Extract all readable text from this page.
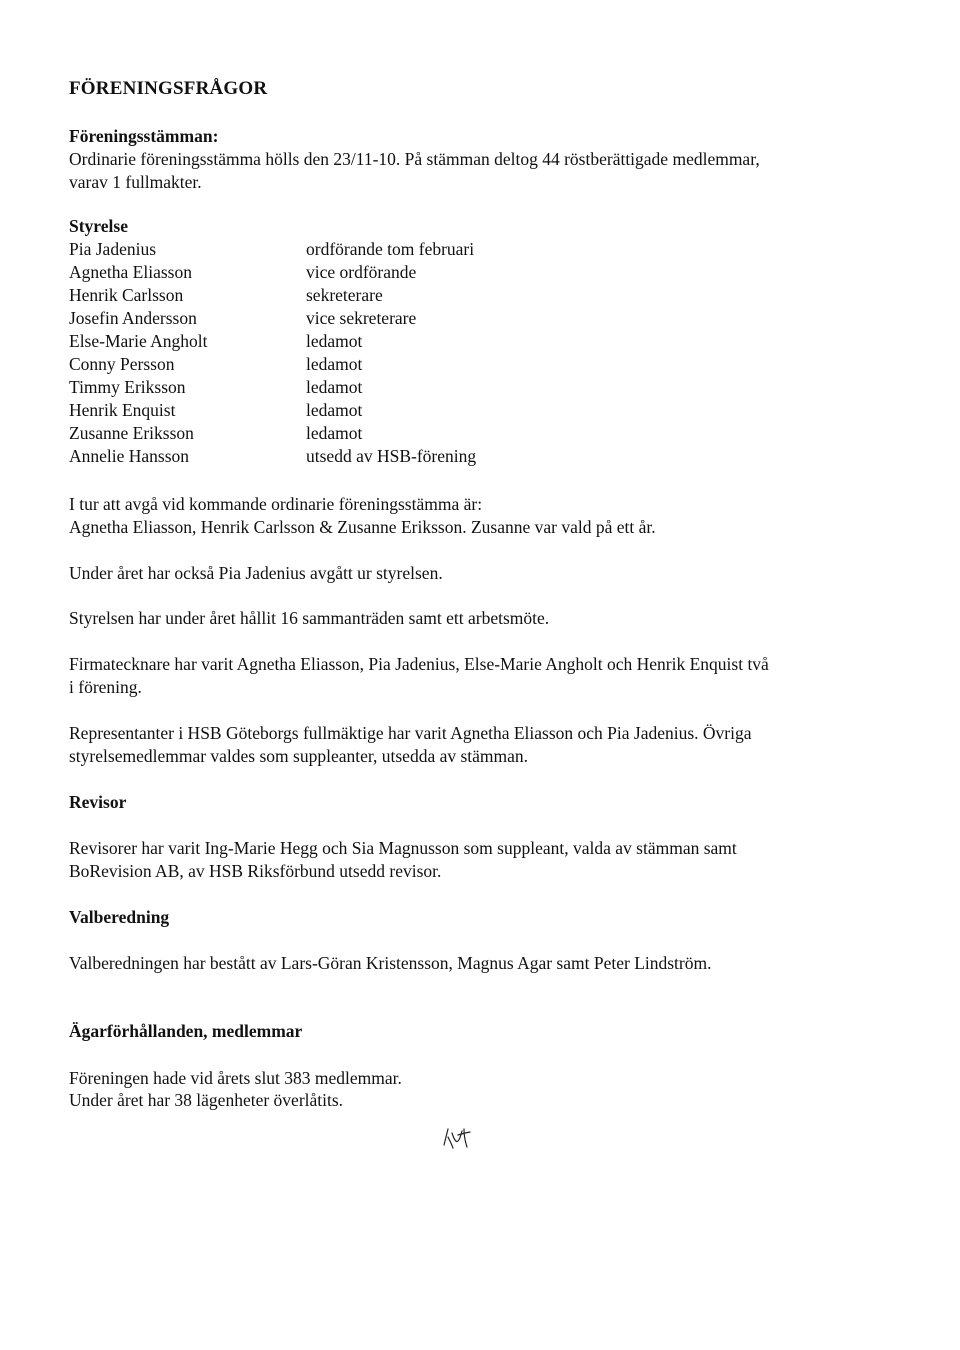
FÖRENINGSFRÅGOR
Föreningsstämman:
Ordinarie föreningsstämma hölls den 23/11-10. På stämman deltog 44 röstberättigade medlemmar,
varav 1 fullmakter.
Styrelse
Pia Jadenius	ordförande tom februari
Agnetha Eliasson	vice ordförande
Henrik Carlsson	sekreterare
Josefin Andersson	vice sekreterare
Else-Marie Angholt	ledamot
Conny Persson	ledamot
Timmy Eriksson	ledamot
Henrik Enquist	ledamot
Zusanne Eriksson	ledamot
Annelie Hansson	utsedd av HSB-förening
I tur att avgå vid kommande ordinarie föreningsstämma är:
Agnetha Eliasson, Henrik Carlsson & Zusanne Eriksson. Zusanne var vald på ett år.
Under året har också Pia Jadenius avgått ur styrelsen.
Styrelsen har under året hållit 16 sammanträden samt ett arbetsmöte.
Firmatecknare har varit Agnetha Eliasson, Pia Jadenius, Else-Marie Angholt och Henrik Enquist två
i förening.
Representanter i HSB Göteborgs fullmäktige har varit Agnetha Eliasson och Pia Jadenius. Övriga
styrelsemedlemmar valdes som suppleanter, utsedda av stämman.
Revisor
Revisorer har varit Ing-Marie Hegg och Sia Magnusson som suppleant, valda av stämman samt
BoRevision AB, av HSB Riksförbund utsedd revisor.
Valberedning
Valberedningen har bestått av Lars-Göran Kristensson, Magnus Agar samt Peter Lindström.
Ägarförhållanden, medlemmar
Föreningen hade vid årets slut 383 medlemmar.
Under året har 38 lägenheter överlåtits.
